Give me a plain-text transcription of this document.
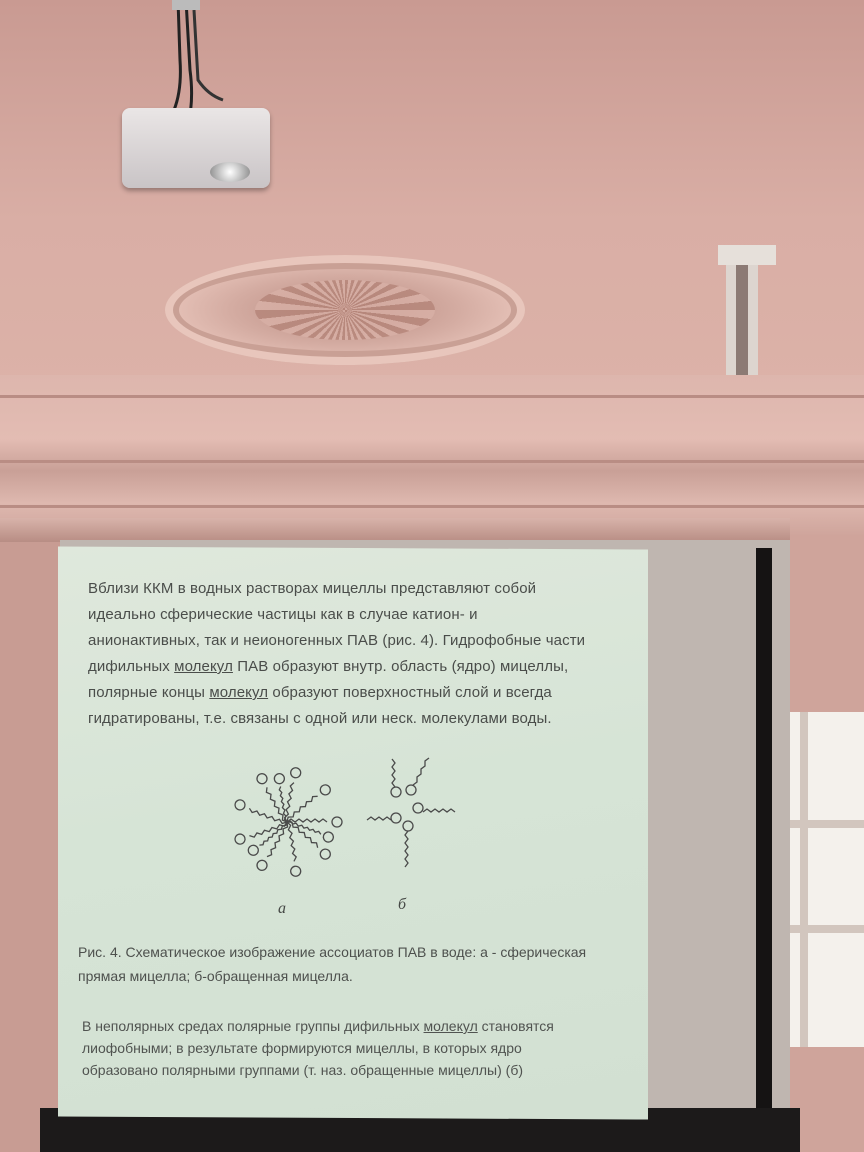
Вблизи ККМ в водных растворах мицеллы представляют собой
идеально сферические частицы как в случае катион- и
анионактивных, так и неионогенных ПАВ (рис. 4). Гидрофобные части
дифильных молекул ПАВ образуют внутр. область (ядро) мицеллы,
полярные концы молекул образуют поверхностный слой и всегда
гидратированы, т.е. связаны с одной или неск. молекулами воды.
а	б
Рис. 4. Схематическое изображение ассоциатов ПАВ в воде: а - сферическая
прямая мицелла; б-обращенная мицелла.
В неполярных средах полярные группы дифильных молекул становятся
лиофобными; в результате формируются мицеллы, в которых ядро
образовано полярными группами (т. наз. обращенные мицеллы) (б)
